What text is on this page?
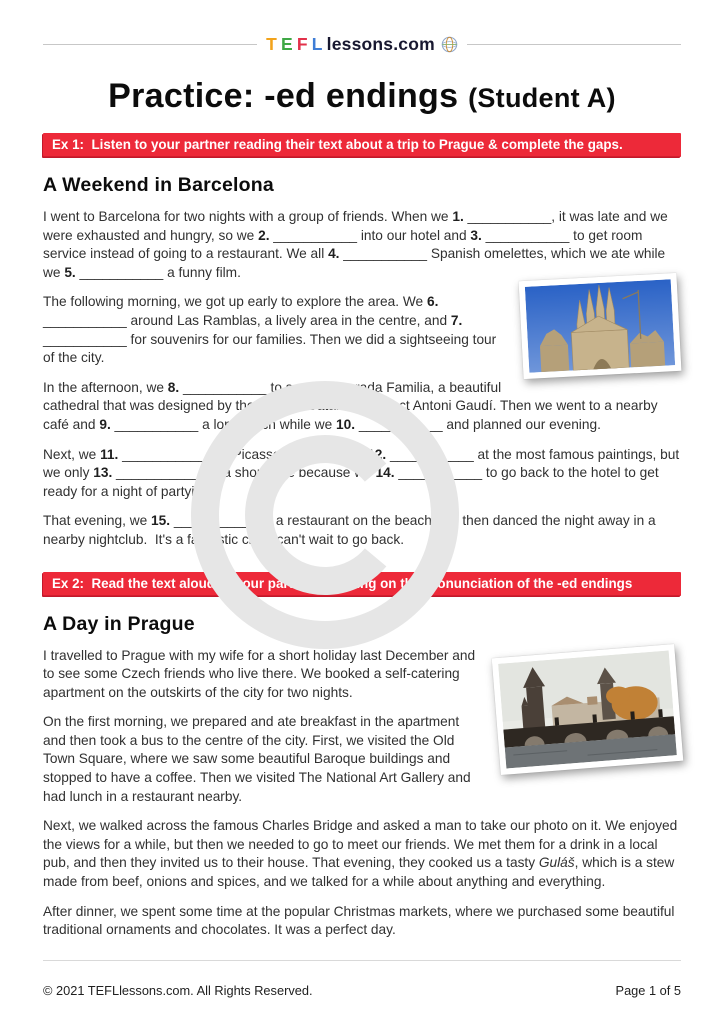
T E F L lessons.com
Practice: -ed endings (Student A)
Ex 1:  Listen to your partner reading their text about a trip to Prague & complete the gaps.
A Weekend in Barcelona

I went to Barcelona for two nights with a group of friends. When we 1. ___________, it was late and we were exhausted and hungry, so we 2. ___________ into our hotel and 3. ___________ to get room service instead of going to a restaurant. We all 4. ___________ Spanish omelettes, which we ate while we 5. ___________ a funny film.

The following morning, we got up early to explore the area. We 6. ___________ around Las Ramblas, a lively area in the centre, and 7. ___________ for souvenirs for our families. Then we did a sightseeing tour of the city.

In the afternoon, we 8. ___________ to see La Sagrada Familia, a beautiful cathedral that was designed by the famous Catalan architect Antoni Gaudí. Then we went to a nearby café and 9. ___________ a long lunch while we 10. ___________ and planned our evening.

Next, we 11. ___________ the Picasso Museum and 12. ___________ at the most famous paintings, but we only 13. ___________ for a short time because we 14. ___________ to go back to the hotel to get ready for a night of partying.

That evening, we 15. ___________ in a restaurant on the beach and then danced the night away in a nearby nightclub.  It's a fantastic city. I can't wait to go back.

Ex 2:  Read the text aloud to your partner, focusing on the pronunciation of the -ed endings
A Day in Prague

I travelled to Prague with my wife for a short holiday last December and to see some Czech friends who live there. We booked a self-catering apartment on the outskirts of the city for two nights.

On the first morning, we prepared and ate breakfast in the apartment and then took a bus to the centre of the city. First, we visited the Old Town Square, where we saw some beautiful Baroque buildings and stopped to have a coffee. Then we visited The National Art Gallery and had lunch in a restaurant nearby.

Next, we walked across the famous Charles Bridge and asked a man to take our photo on it. We enjoyed the views for a while, but then we needed to go to meet our friends. We met them for a drink in a local pub, and then they invited us to their house. That evening, they cooked us a tasty Guláš, which is a stew made from beef, onions and spices, and we talked for a while about anything and everything.

After dinner, we spent some time at the popular Christmas markets, where we purchased some beautiful traditional ornaments and chocolates. It was a perfect day.

© 2021 TEFLlessons.com. All Rights Reserved.	Page 1 of 5
